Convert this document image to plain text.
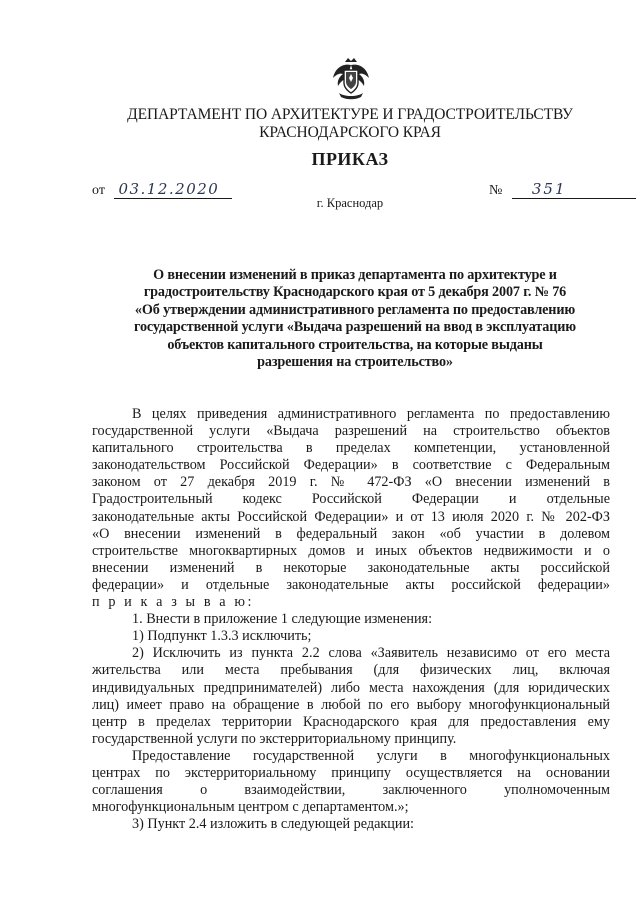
ДЕПАРТАМЕНТ ПО АРХИТЕКТУРЕ И ГРАДОСТРОИТЕЛЬСТВУ
КРАСНОДАРСКОГО КРАЯ
ПРИКАЗ
от 03.12.2020	№ 351
г. Краснодар
О внесении изменений в приказ департамента по архитектуре и
градостроительству Краснодарского края от 5 декабря 2007 г. № 76
«Об утверждении административного регламента по предоставлению
государственной услуги «Выдача разрешений на ввод в эксплуатацию
объектов капитального строительства, на которые выданы
разрешения на строительство»
В целях приведения административного регламента по предоставлению
государственной услуги «Выдача разрешений на строительство объектов
капитального строительства в пределах компетенции, установленной
законодательством Российской Федерации» в соответствие с Федеральным
законом от 27 декабря 2019 г. № 472-ФЗ «О внесении изменений в
Градостроительный кодекс Российской Федерации и отдельные
законодательные акты Российской Федерации» и от 13 июля 2020 г. № 202-ФЗ
«О внесении изменений в федеральный закон «об участии в долевом
строительстве многоквартирных домов и иных объектов недвижимости и о
внесении изменений в некоторые законодательные акты российской
федерации» и отдельные законодательные акты российской федерации»
п р и к а з ы в а ю:
1. Внести в приложение 1 следующие изменения:
1) Подпункт 1.3.3 исключить;
2) Исключить из пункта 2.2 слова «Заявитель независимо от его места
жительства или места пребывания (для физических лиц, включая
индивидуальных предпринимателей) либо места нахождения (для юридических
лиц) имеет право на обращение в любой по его выбору многофункциональный
центр в пределах территории Краснодарского края для предоставления ему
государственной услуги по экстерриториальному принципу.
Предоставление государственной услуги в многофункциональных
центрах по экстерриториальному принципу осуществляется на основании
соглашения о взаимодействии, заключенного уполномоченным
многофункциональным центром с департаментом.»;
3) Пункт 2.4 изложить в следующей редакции:
